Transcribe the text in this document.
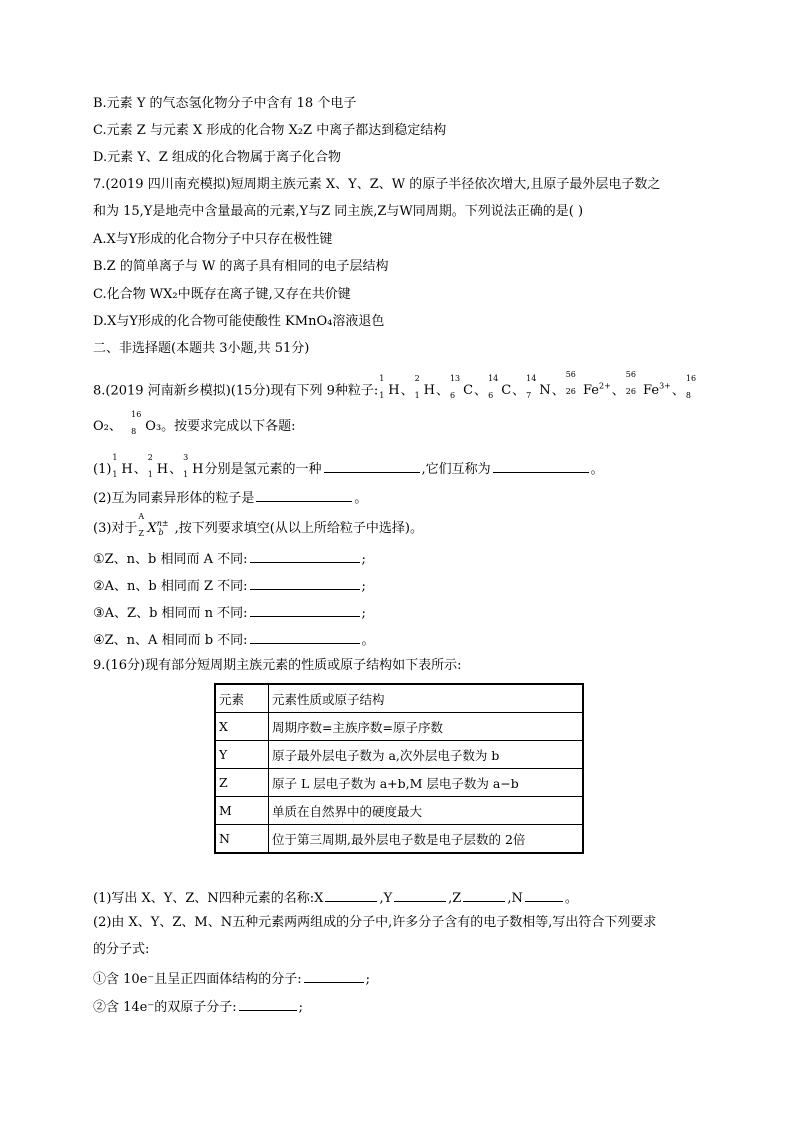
B.元素 Y 的气态氢化物分子中含有 18 个电子
C.元素 Z 与元素 X 形成的化合物 X₂Z 中离子都达到稳定结构
D.元素 Y、Z 组成的化合物属于离子化合物
7.(2019 四川南充模拟)短周期主族元素 X、Y、Z、W 的原子半径依次增大,且原子最外层电子数之
和为 15,Y是地壳中含量最高的元素,Y与Z 同主族,Z与W同周期。下列说法正确的是( )
A.X与Y形成的化合物分子中只存在极性键
B.Z 的简单离子与 W 的离子具有相同的电子层结构
C.化合物 WX₂中既存在离子键,又存在共价键
D.X与Y形成的化合物可能使酸性 KMnO₄溶液退色
二、非选择题(本题共 3小题,共 51分)
8.(2019 河南新乡模拟)(15分)现有下列 9种粒子:
1
1 H、
2
1 H、
13
6 C、
14
6 C、
14
7 N、
56
26
$Fe^{2+}$、
56
26
$Fe^{3+}$、
16
8

O₂、
16
8 O₃。按要求完成以下各题:
(1)
1
1 H、
2
1 H、
3
1 H分别是氢元素的一种	,它们互称为	。
(2)互为同素异形体的粒子是	。
(3)对于
A
Z $X^{n\pm}_b$ ,按下列要求填空(从以上所给粒子中选择)。
①Z、n、b 相同而 A 不同:	;
②A、n、b 相同而 Z 不同:	;
③A、Z、b 相同而 n 不同:	;
④Z、n、A 相同而 b 不同:	。
9.(16分)现有部分短周期主族元素的性质或原子结构如下表所示:
元素	元素性质或原子结构
X	周期序数=主族序数=原子序数
Y	原子最外层电子数为 a,次外层电子数为 b
Z	原子 L 层电子数为 a+b,M 层电子数为 a−b
M	单质在自然界中的硬度最大
N	位于第三周期,最外层电子数是电子层数的 2倍
(1)写出 X、Y、Z、N四种元素的名称:X	,Y	,Z	,N	。
(2)由 X、Y、Z、M、N五种元素两两组成的分子中,许多分子含有的电子数相等,写出符合下列要求
的分子式:
①含 10e⁻且呈正四面体结构的分子:	;
②含 14e⁻的双原子分子:	;
